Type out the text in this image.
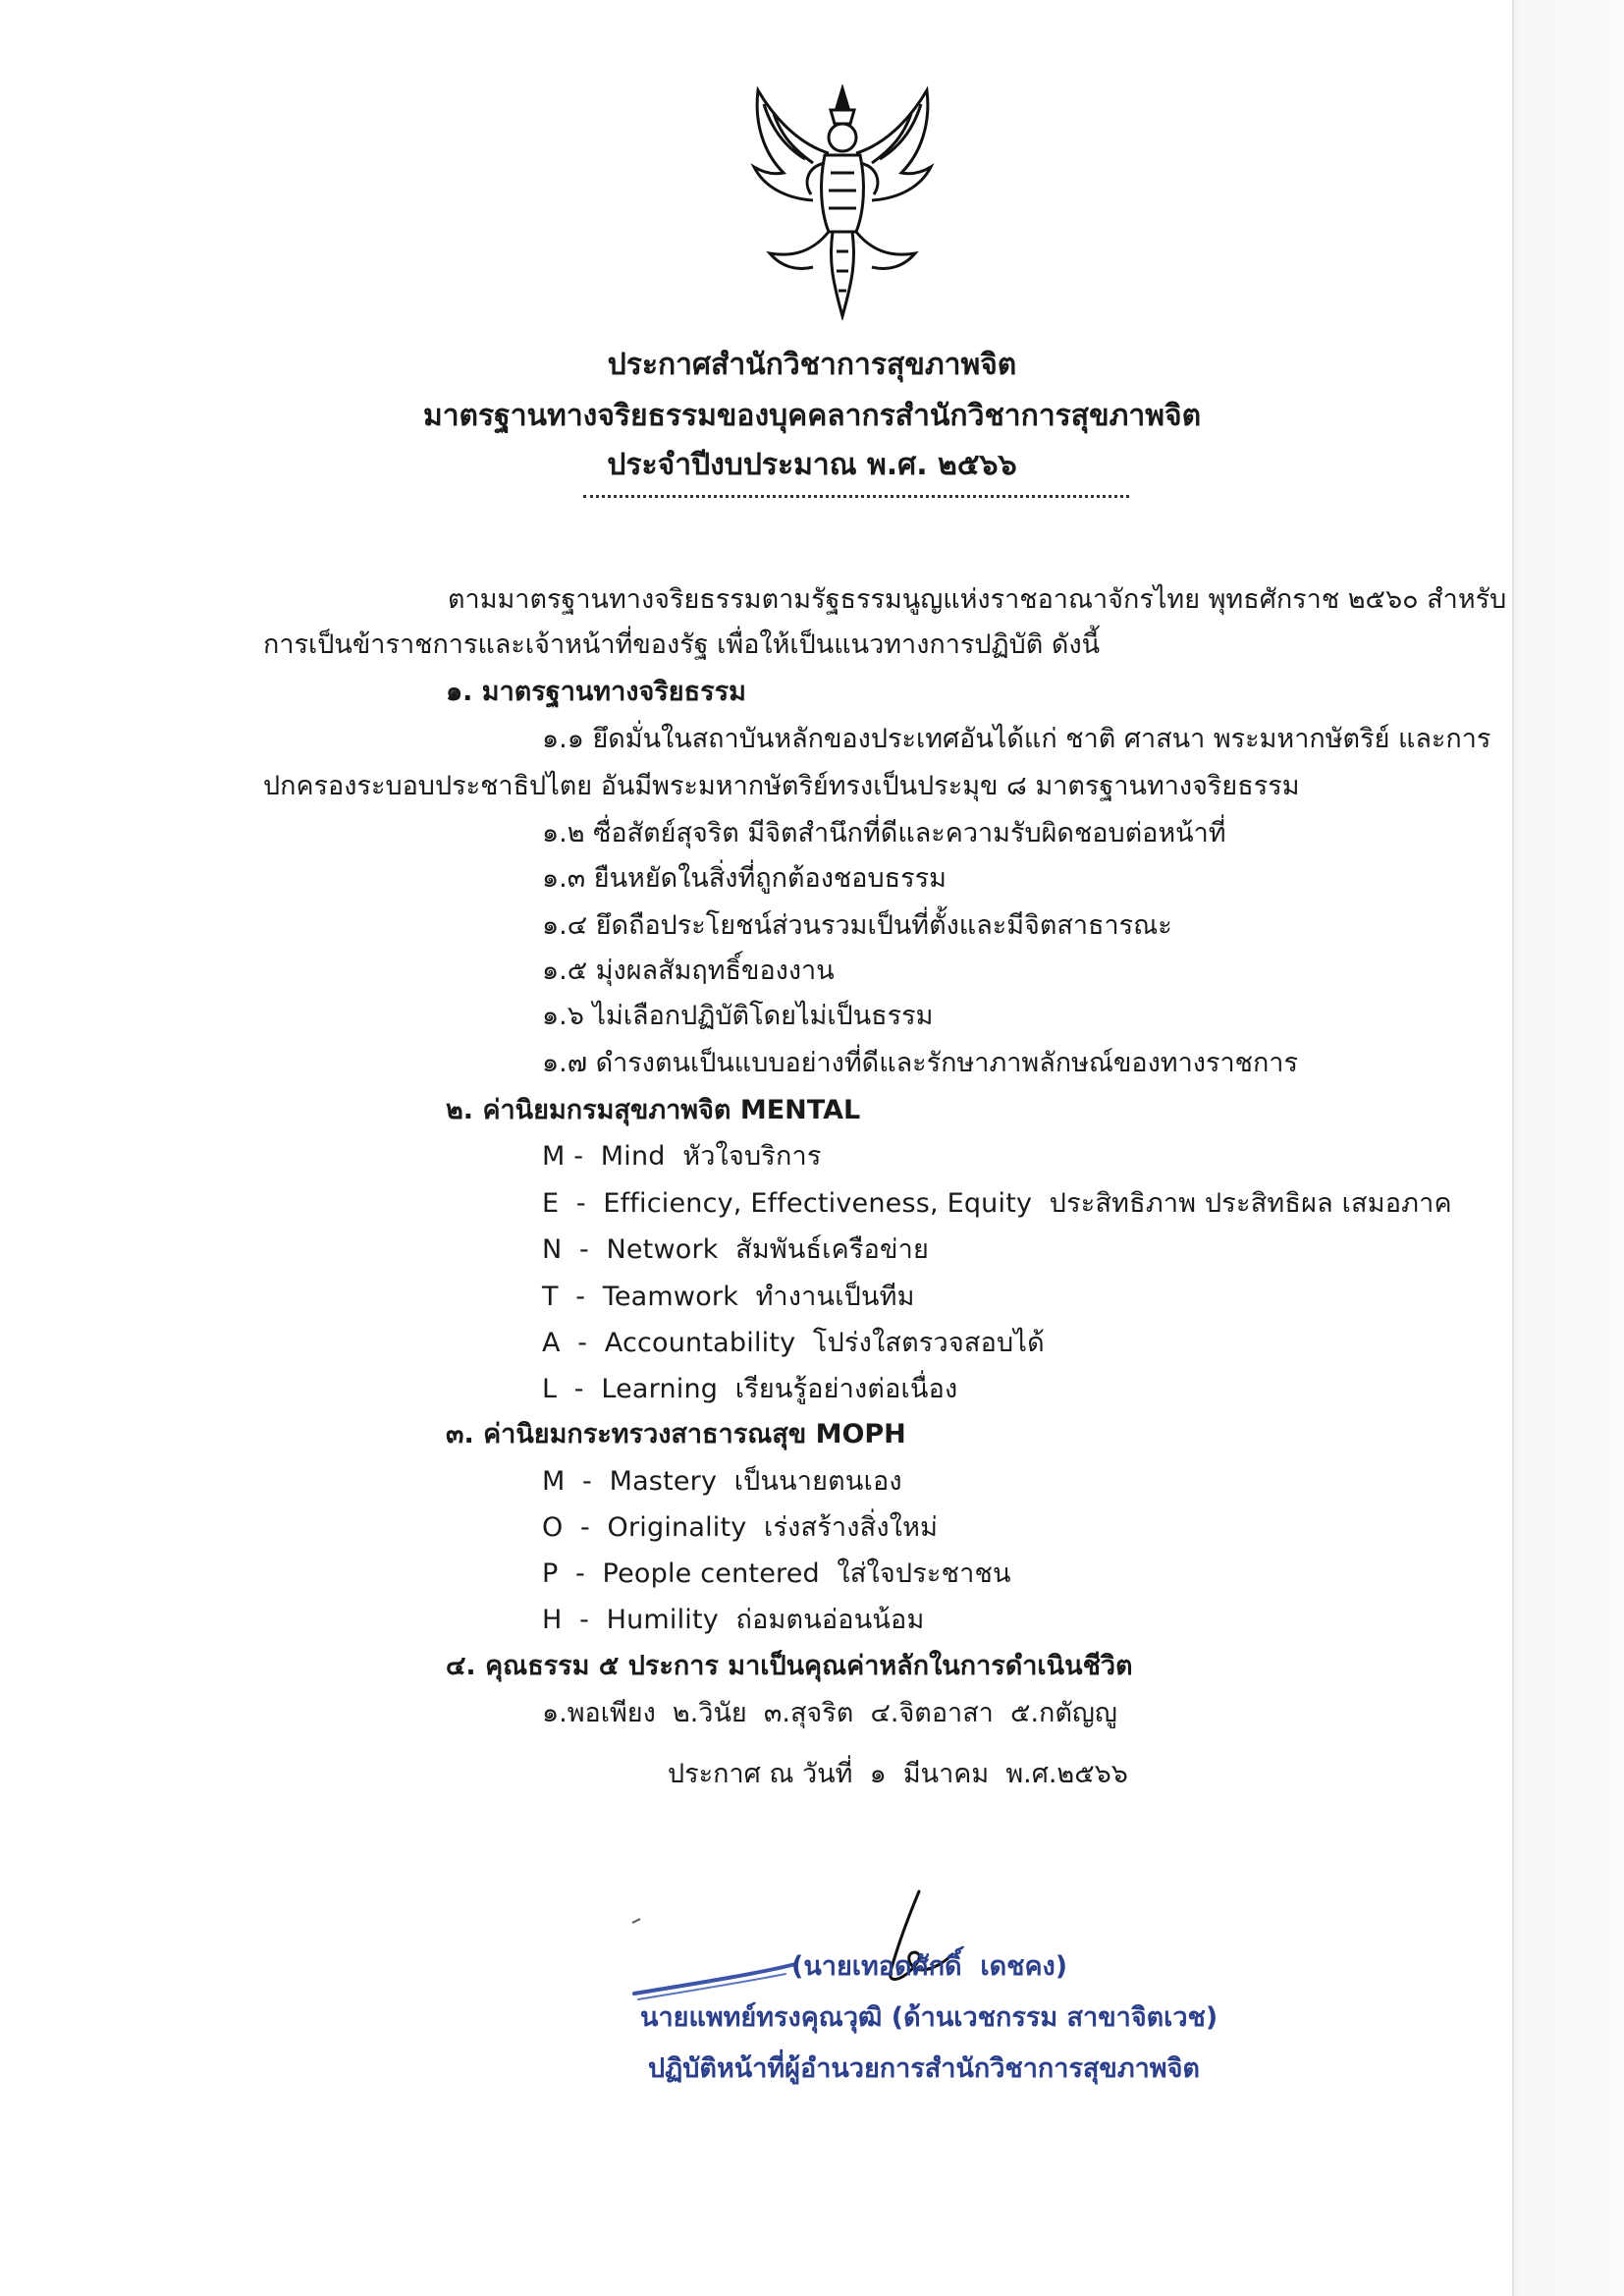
ประกาศสำนักวิชาการสุขภาพจิต
มาตรฐานทางจริยธรรมของบุคคลากรสำนักวิชาการสุขภาพจิต
ประจำปีงบประมาณ พ.ศ. ๒๕๖๖
ตามมาตรฐานทางจริยธรรมตามรัฐธรรมนูญแห่งราชอาณาจักรไทย พุทธศักราช ๒๕๖๐ สำหรับ
การเป็นข้าราชการและเจ้าหน้าที่ของรัฐ เพื่อให้เป็นแนวทางการปฏิบัติ ดังนี้
๑. มาตรฐานทางจริยธรรม
๑.๑ ยึดมั่นในสถาบันหลักของประเทศอันได้แก่ ชาติ ศาสนา พระมหากษัตริย์ และการ
ปกครองระบอบประชาธิปไตย อันมีพระมหากษัตริย์ทรงเป็นประมุข ๘ มาตรฐานทางจริยธรรม
๑.๒ ซื่อสัตย์สุจริต มีจิตสำนึกที่ดีและความรับผิดชอบต่อหน้าที่
๑.๓ ยืนหยัดในสิ่งที่ถูกต้องชอบธรรม
๑.๔ ยึดถือประโยชน์ส่วนรวมเป็นที่ตั้งและมีจิตสาธารณะ
๑.๕ มุ่งผลสัมฤทธิ์ของงาน
๑.๖ ไม่เลือกปฏิบัติโดยไม่เป็นธรรม
๑.๗ ดำรงตนเป็นแบบอย่างที่ดีและรักษาภาพลักษณ์ของทางราชการ
๒. ค่านิยมกรมสุขภาพจิต MENTAL
M -  Mind  หัวใจบริการ
E  -  Efficiency, Effectiveness, Equity  ประสิทธิภาพ ประสิทธิผล เสมอภาค
N  -  Network  สัมพันธ์เครือข่าย
T  -  Teamwork  ทำงานเป็นทีม
A  -  Accountability  โปร่งใสตรวจสอบได้
L  -  Learning  เรียนรู้อย่างต่อเนื่อง
๓. ค่านิยมกระทรวงสาธารณสุข MOPH
M  -  Mastery  เป็นนายตนเอง
O  -  Originality  เร่งสร้างสิ่งใหม่
P  -  People centered  ใส่ใจประชาชน
H  -  Humility  ถ่อมตนอ่อนน้อม
๔. คุณธรรม ๕ ประการ มาเป็นคุณค่าหลักในการดำเนินชีวิต
๑.พอเพียง  ๒.วินัย  ๓.สุจริต  ๔.จิตอาสา  ๕.กตัญญู
ประกาศ ณ วันที่  ๑  มีนาคม  พ.ศ.๒๕๖๖
(นายเทอดศักดิ์  เดชคง)
นายแพทย์ทรงคุณวุฒิ (ด้านเวชกรรม สาขาจิตเวช)
ปฏิบัติหน้าที่ผู้อำนวยการสำนักวิชาการสุขภาพจิต
